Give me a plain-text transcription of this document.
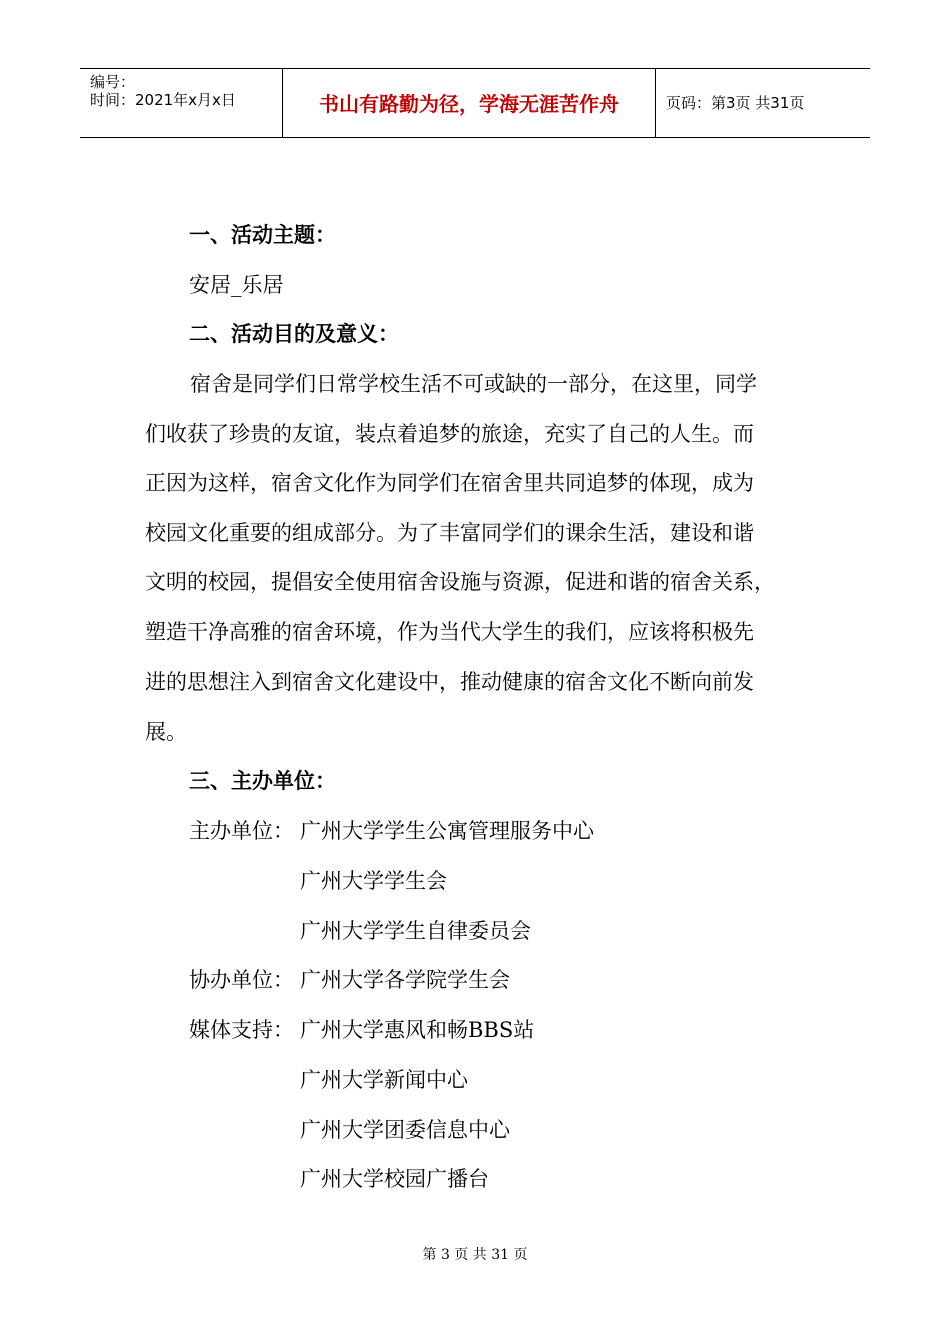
编号：
时间：2021年x月x日	书山有路勤为径，学海无涯苦作舟	页码：第3页 共31页
一、活动主题：
安居_乐居
二、活动目的及意义：
宿舍是同学们日常学校生活不可或缺的一部分，在这里，同学
们收获了珍贵的友谊，装点着追梦的旅途，充实了自己的人生。而
正因为这样，宿舍文化作为同学们在宿舍里共同追梦的体现，成为
校园文化重要的组成部分。为了丰富同学们的课余生活，建设和谐
文明的校园，提倡安全使用宿舍设施与资源，促进和谐的宿舍关系，
塑造干净高雅的宿舍环境，作为当代大学生的我们，应该将积极先
进的思想注入到宿舍文化建设中，推动健康的宿舍文化不断向前发
展。
三、主办单位：
主办单位： 广州大学学生公寓管理服务中心
广州大学学生会
广州大学学生自律委员会
协办单位： 广州大学各学院学生会
媒体支持： 广州大学惠风和畅BBS站
广州大学新闻中心
广州大学团委信息中心
广州大学校园广播台
第 3 页 共 31 页
